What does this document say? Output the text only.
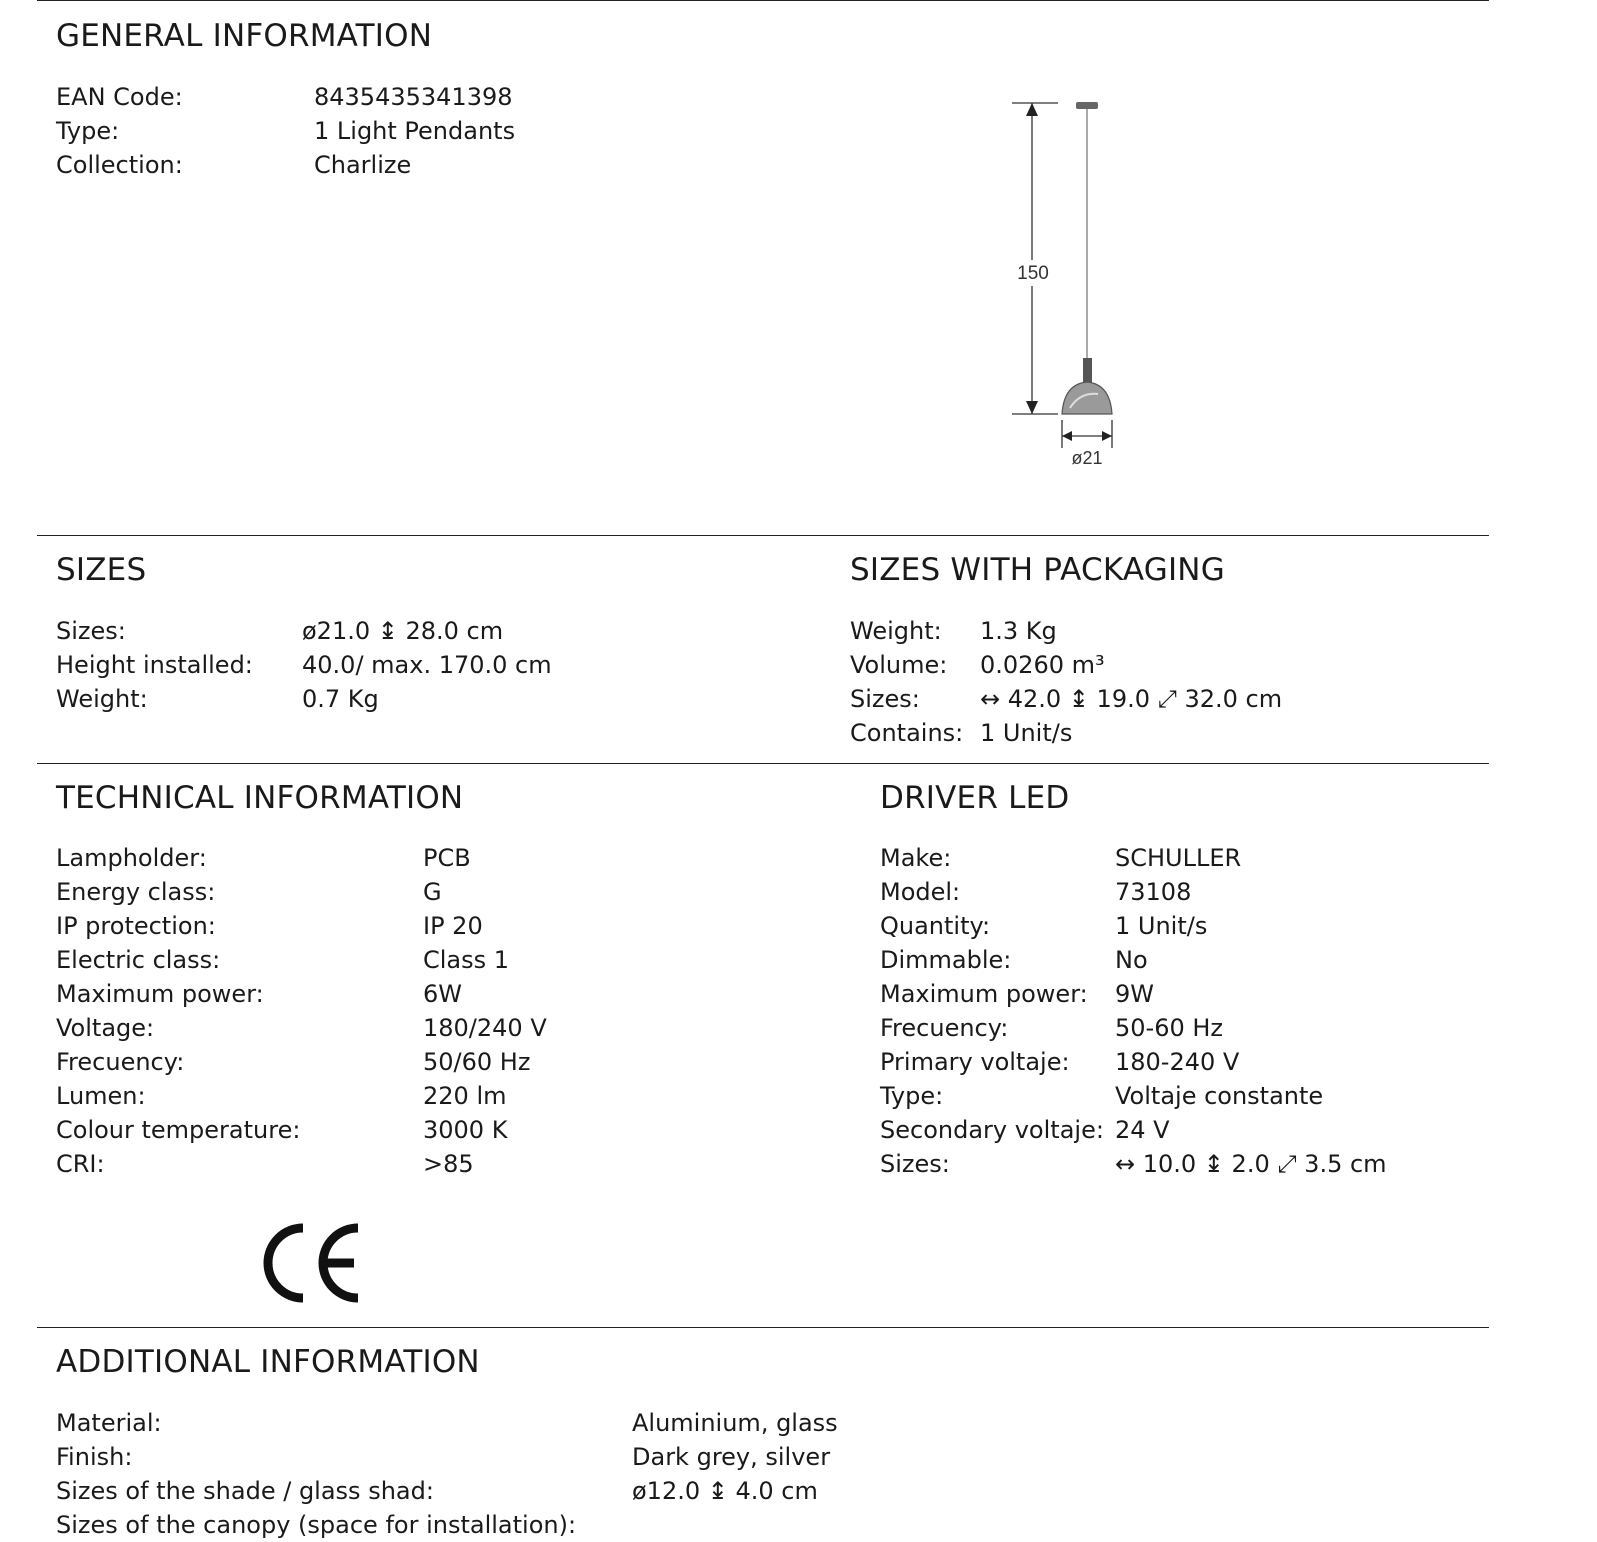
GENERAL INFORMATION
EAN Code:	8435435341398
Type:	1 Light Pendants
Collection:	Charlize
150
ø21
SIZES
Sizes:	ø21.0 ↨ 28.0 cm
Height installed: 40.0/ max. 170.0 cm
Weight:	0.7 Kg
SIZES WITH PACKAGING
Weight: 1.3 Kg
Volume: 0.0260 m³
Sizes:	↔ 42.0 ↨ 19.0 ⤢ 32.0 cm
Contains: 1 Unit/s
TECHNICAL INFORMATION
Lampholder:	PCB
Energy class:	G
IP protection:	IP 20
Electric class:	Class 1
Maximum power:	6W
Voltage:	180/240 V
Frecuency:	50/60 Hz
Lumen:	220 lm
Colour temperature:	3000 K
CRI:	>85
DRIVER LED
Make:	SCHULLER
Model:	73108
Quantity:	1 Unit/s
Dimmable:	No
Maximum power: 9W
Frecuency:	50-60 Hz
Primary voltaje: 180-240 V
Type:	Voltaje constante
Secondary voltaje: 24 V
Sizes:	↔ 10.0 ↨ 2.0 ⤢ 3.5 cm
ADDITIONAL INFORMATION
Material:	Aluminium, glass
Finish:	Dark grey, silver
Sizes of the shade / glass shad:	ø12.0 ↨ 4.0 cm
Sizes of the canopy (space for installation):
